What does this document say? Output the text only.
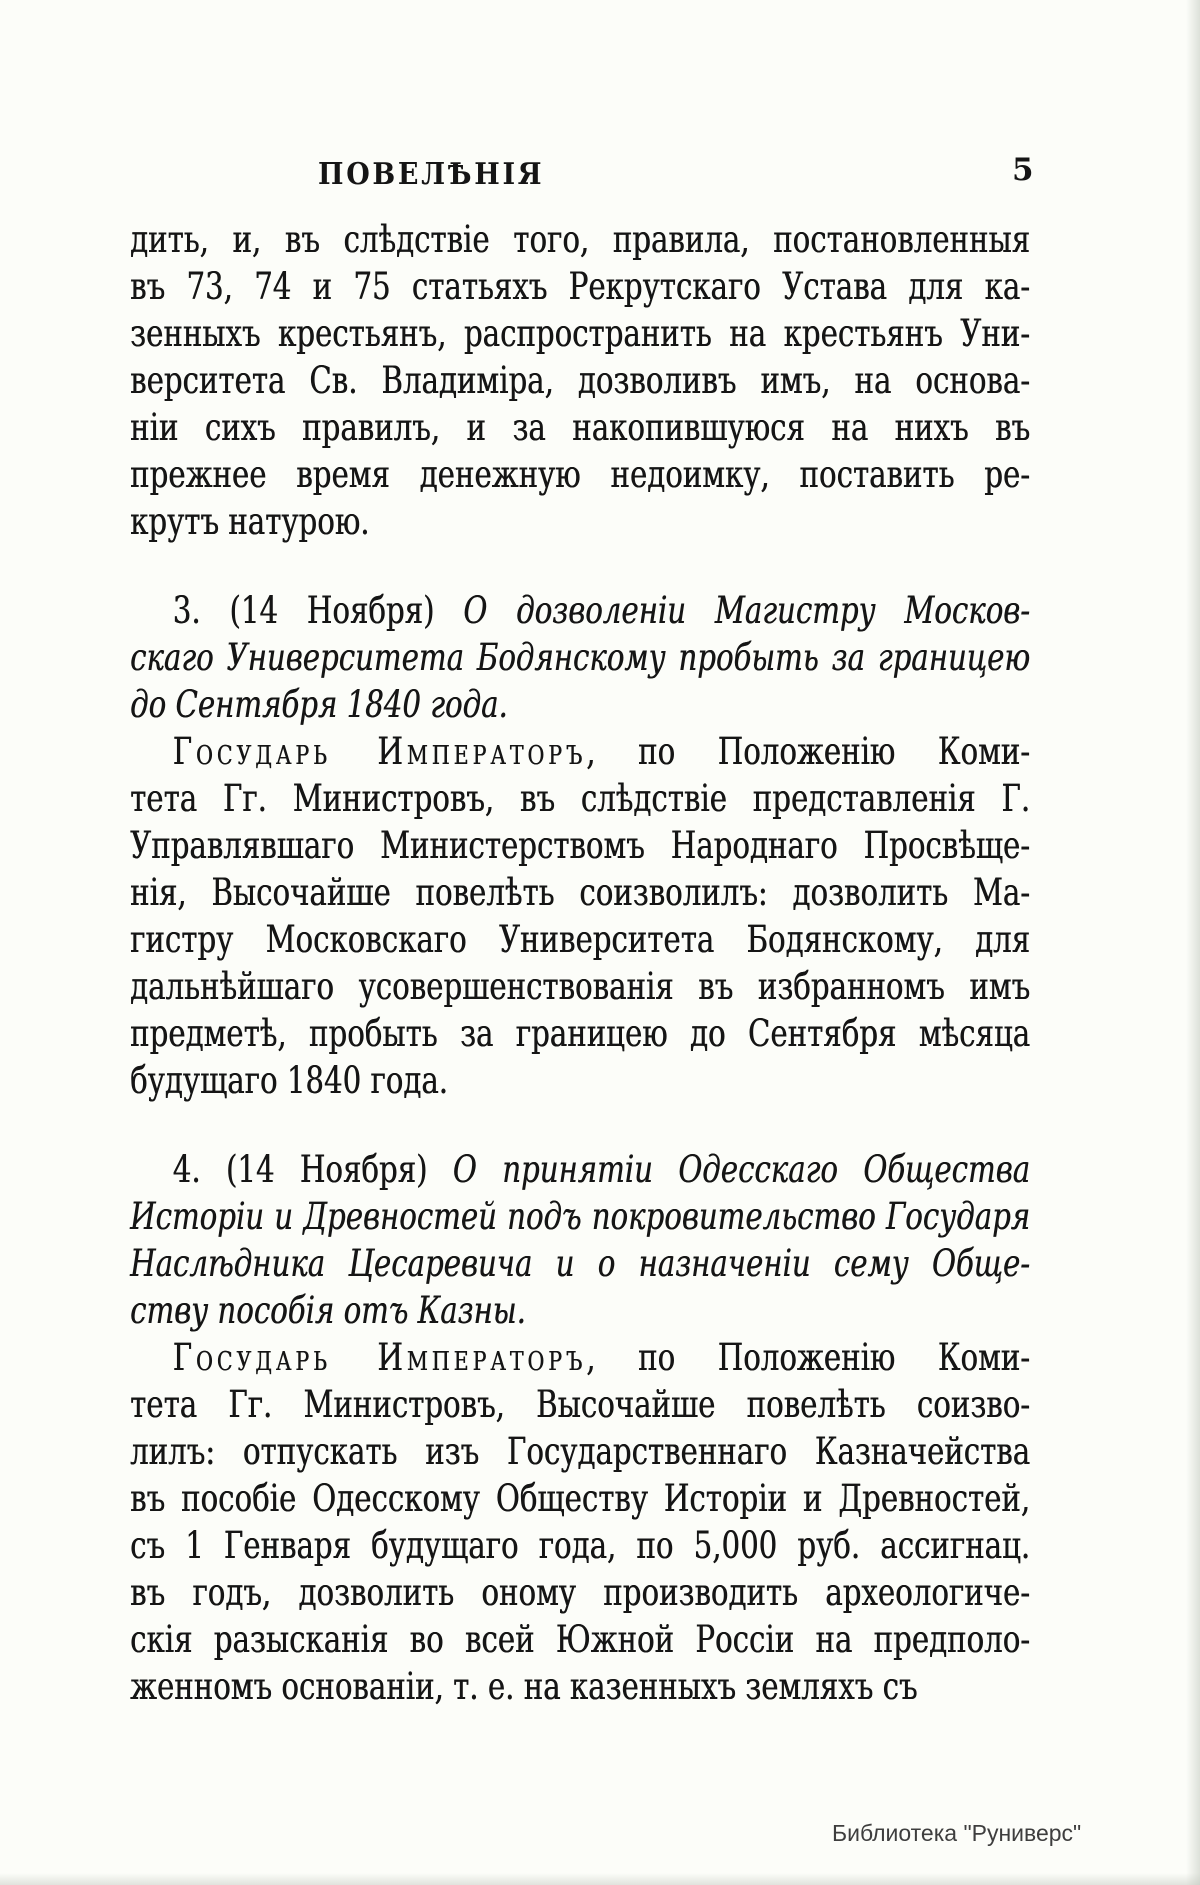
ПОВЕЛѢНІЯ	5
дить, и, въ слѣдствіе того, правила, постановленныя
въ 73, 74 и 75 статьяхъ Рекрутскаго Устава для ка-
зенныхъ крестьянъ, распространить на крестьянъ Уни-
верситета Св. Владиміра, дозволивъ имъ, на основа-
ніи сихъ правилъ, и за накопившуюся на нихъ въ
прежнее время денежную недоимку, поставить ре-
крутъ натурою.
3. (14 Ноября) О дозволеніи Магистру Москов-
скаго Университета Бодянскому пробыть за границею
до Сентября 1840 года.
Государь Императоръ, по Положенію Коми-
тета Гг. Министровъ, въ слѣдствіе представленія Г.
Управлявшаго Министерствомъ Народнаго Просвѣще-
нія, Высочайше повелѣть соизволилъ: дозволить Ма-
гистру Московскаго Университета Бодянскому, для
дальнѣйшаго усовершенствованія въ избранномъ имъ
предметѣ, пробыть за границею до Сентября мѣсяца
будущаго 1840 года.
4. (14 Ноября) О принятіи Одесскаго Общества
Исторіи и Древностей подъ покровительство Государя
Наслѣдника Цесаревича и о назначеніи сему Обще-
ству пособія отъ Казны.
Государь Императоръ, по Положенію Коми-
тета Гг. Министровъ, Высочайше повелѣть соизво-
лилъ: отпускать изъ Государственнаго Казначейства
въ пособіе Одесскому Обществу Исторіи и Древностей,
съ 1 Генваря будущаго года, по 5,000 руб. ассигнац.
въ годъ, дозволить оному производить археологиче-
скія разысканія во всей Южной Россіи на предполо-
женномъ основаніи, т. е. на казенныхъ земляхъ съ
Библиотека "Руниверс"
